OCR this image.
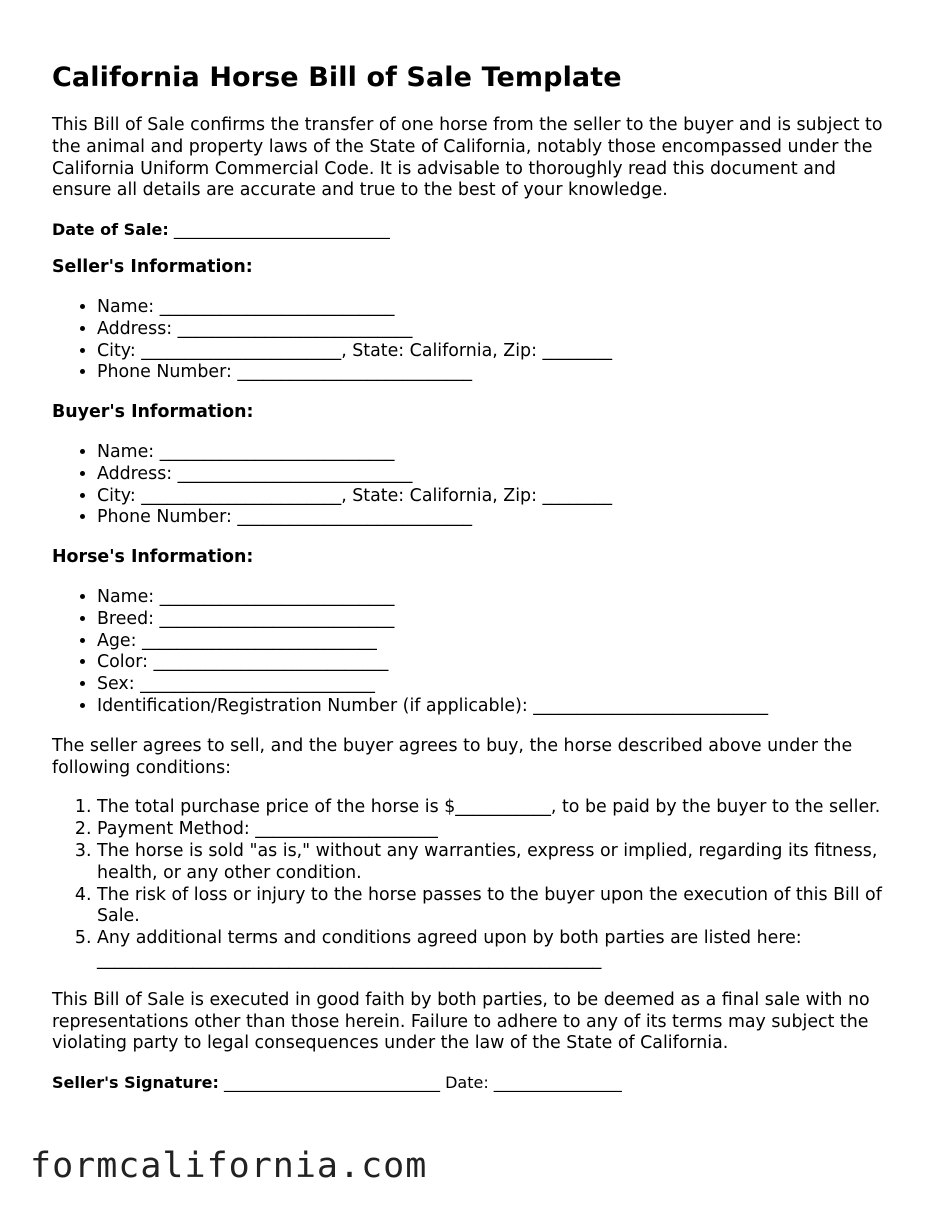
California Horse Bill of Sale Template

This Bill of Sale confirms the transfer of one horse from the seller to the buyer and is subject to the animal and property laws of the State of California, notably those encompassed under the California Uniform Commercial Code. It is advisable to thoroughly read this document and ensure all details are accurate and true to the best of your knowledge.

Date of Sale: ___________________________
Seller's Information:
• Name: ___________________________
• Address: ___________________________
• City: _______________________, State: California, Zip: ________
• Phone Number: ___________________________
Buyer's Information:
• Name: ___________________________
• Address: ___________________________
• City: _______________________, State: California, Zip: ________
• Phone Number: ___________________________
Horse's Information:
• Name: ___________________________
• Breed: ___________________________
• Age: ___________________________
• Color: ___________________________
• Sex: ___________________________
• Identification/Registration Number (if applicable): ___________________________

The seller agrees to sell, and the buyer agrees to buy, the horse described above under the following conditions:

1. The total purchase price of the horse is $___________, to be paid by the buyer to the seller.
2. Payment Method: _____________________
3. The horse is sold "as is," without any warranties, express or implied, regarding its fitness, health, or any other condition.
4. The risk of loss or injury to the horse passes to the buyer upon the execution of this Bill of Sale.
5. Any additional terms and conditions agreed upon by both parties are listed here: __________________________________________________________

This Bill of Sale is executed in good faith by both parties, to be deemed as a final sale with no representations other than those herein. Failure to adhere to any of its terms may subject the violating party to legal consequences under the law of the State of California.

Seller's Signature: ___________________________ Date: ________________
formcalifornia.com
